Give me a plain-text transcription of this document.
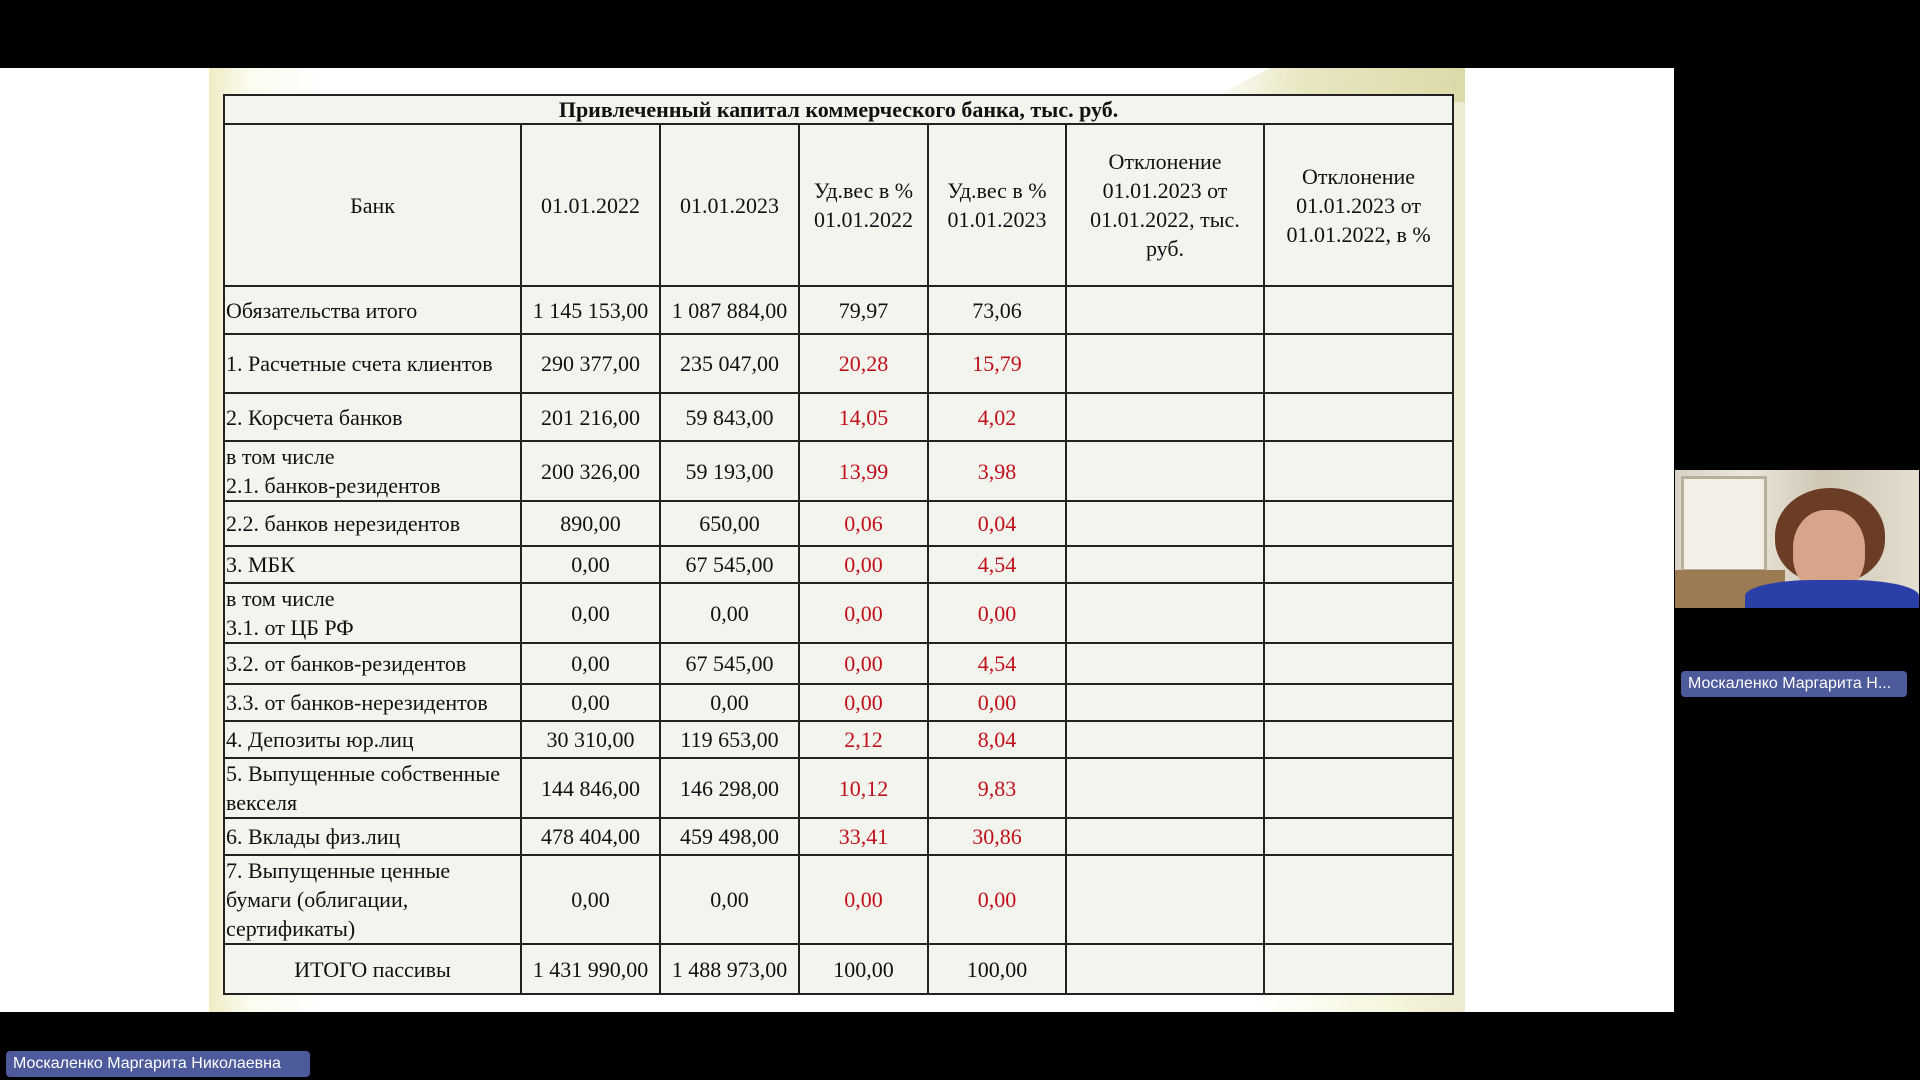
Привлеченный капитал коммерческого банка, тыс. руб.						
Банк	01.01.2022	01.01.2023	Уд.вес в % 01.01.2022	Уд.вес в % 01.01.2023	Отклонение 01.01.2023 от 01.01.2022, тыс. руб.	Отклонение 01.01.2023 от 01.01.2022, в %
Обязательства итого	1 145 153,00	1 087 884,00	79,97	73,06		
1. Расчетные счета клиентов	290 377,00	235 047,00	20,28	15,79		
2. Корсчета банков	201 216,00	59 843,00	14,05	4,02		
в том числе
2.1. банков-резидентов	200 326,00	59 193,00	13,99	3,98		
2.2. банков нерезидентов	890,00	650,00	0,06	0,04		
3. МБК	0,00	67 545,00	0,00	4,54		
в том числе
3.1. от ЦБ РФ	0,00	0,00	0,00	0,00		
3.2. от банков-резидентов	0,00	67 545,00	0,00	4,54		
3.3. от банков-нерезидентов	0,00	0,00	0,00	0,00		
4. Депозиты юр.лиц	30 310,00	119 653,00	2,12	8,04		
5. Выпущенные собственные векселя	144 846,00	146 298,00	10,12	9,83		
6. Вклады физ.лиц	478 404,00	459 498,00	33,41	30,86		
7. Выпущенные ценные бумаги (облигации, сертификаты)	0,00	0,00	0,00	0,00		
ИТОГО пассивы	1 431 990,00	1 488 973,00	100,00	100,00		
Москаленко Маргарита Н...
Москаленко Маргарита Николаевна
